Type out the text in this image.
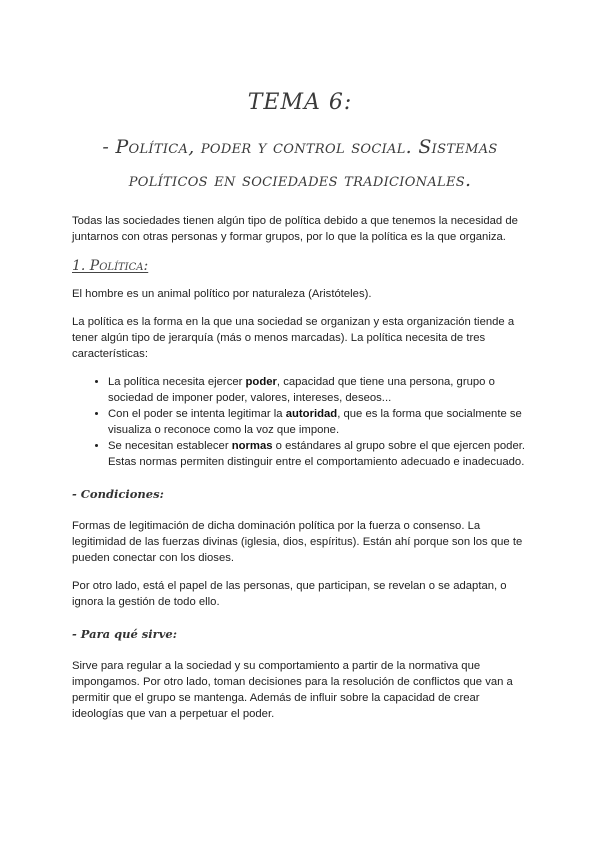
TEMA 6:
- Política, poder y control social. Sistemas políticos en sociedades tradicionales.

Todas las sociedades tienen algún tipo de política debido a que tenemos la necesidad de juntarnos con otras personas y formar grupos, por lo que la política es la que organiza.

1. Política:

El hombre es un animal político por naturaleza (Aristóteles).

La política es la forma en la que una sociedad se organizan y esta organización tiende a tener algún tipo de jerarquía (más o menos marcadas). La política necesita de tres características:

• La política necesita ejercer poder, capacidad que tiene una persona, grupo o sociedad de imponer poder, valores, intereses, deseos...
• Con el poder se intenta legitimar la autoridad, que es la forma que socialmente se visualiza o reconoce como la voz que impone.
• Se necesitan establecer normas o estándares al grupo sobre el que ejercen poder. Estas normas permiten distinguir entre el comportamiento adecuado e inadecuado.
- Condiciones:

Formas de legitimación de dicha dominación política por la fuerza o consenso. La legitimidad de las fuerzas divinas (iglesia, dios, espíritus). Están ahí porque son los que te pueden conectar con los dioses.

Por otro lado, está el papel de las personas, que participan, se revelan o se adaptan, o ignora la gestión de todo ello.

- Para qué sirve:

Sirve para regular a la sociedad y su comportamiento a partir de la normativa que impongamos. Por otro lado, toman decisiones para la resolución de conflictos que van a permitir que el grupo se mantenga. Además de influir sobre la capacidad de crear ideologías que van a perpetuar el poder.
